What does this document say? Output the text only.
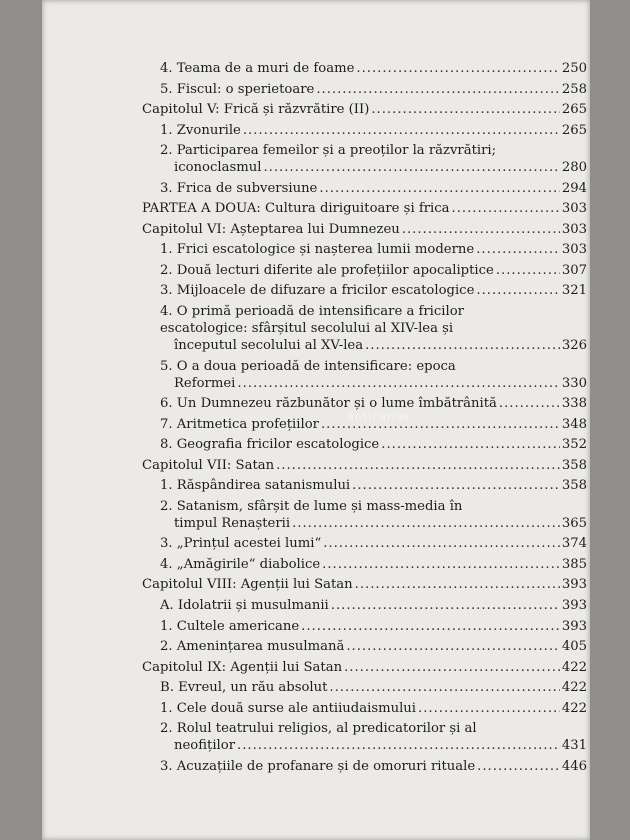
4. Teama de a muri de foame .....	250
5. Fiscul: o sperietoare .....	258
Capitolul V: Frică și răzvrătire (II) .....	265
1. Zvonurile .....	265
2. Participarea femeilor și a preoților la răzvrătiri;
iconoclasmul .....	280
3. Frica de subversiune .....	294
PARTEA A DOUA: Cultura diriguitoare și frica .....	303
Capitolul VI: Așteptarea lui Dumnezeu .....	303
1. Frici escatologice și nașterea lumii moderne .....	303
2. Două lecturi diferite ale profețiilor apocaliptice .....	307
3. Mijloacele de difuzare a fricilor escatologice .....	321
4. O primă perioadă de intensificare a fricilor
escatologice: sfârșitul secolului al XIV-lea și
începutul secolului al XV-lea .....	326
5. O a doua perioadă de intensificare: epoca
Reformei .....	330
6. Un Dumnezeu răzbunător și o lume îmbătrânită .....	338
7. Aritmetica profețiilor .....	348
8. Geografia fricilor escatologice .....	352
Capitolul VII: Satan .....	358
1. Răspândirea satanismului .....	358
2. Satanism, sfârșit de lume și mass-media în
timpul Renașterii .....	365
3. „Prințul acestei lumi“ .....	374
4. „Amăgirile“ diabolice .....	385
Capitolul VIII: Agenții lui Satan .....	393
A. Idolatrii și musulmanii .....	393
1. Cultele americane .....	393
2. Amenințarea musulmană .....	405
Capitolul IX: Agenții lui Satan .....	422
B. Evreul, un rău absolut .....	422
1. Cele două surse ale antiiudaismului .....	422
2. Rolul teatrului religios, al predicatorilor și al
neofiților .....	431
3. Acuzațiile de profanare și de omoruri rituale .....	446
anticariat
